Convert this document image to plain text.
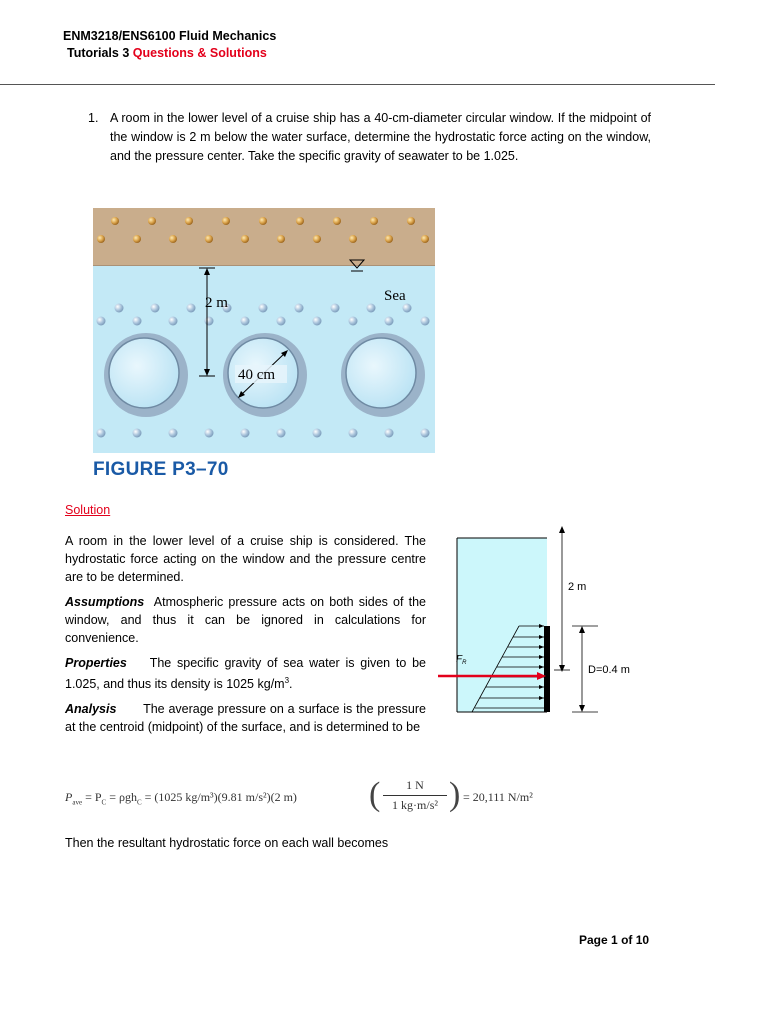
ENM3218/ENS6100 Fluid Mechanics
Tutorials 3 Questions & Solutions
1. A room in the lower level of a cruise ship has a 40-cm-diameter circular window. If the midpoint of the window is 2 m below the water surface, determine the hydrostatic force acting on the window, and the pressure center. Take the specific gravity of seawater to be 1.025.
2 m	Sea
40 cm
FIGURE P3–70
Solution

A room in the lower level of a cruise ship is considered. The hydrostatic force acting on the window and the pressure centre are to be determined.

Assumptions Atmospheric pressure acts on both sides of the window, and thus it can be ignored in calculations for convenience.

Properties The specific gravity of sea water is given to be 1.025, and thus its density is 1025 $kg/m^3$.

Analysis The average pressure on a surface is the pressure at the centroid (midpoint) of the surface, and is determined to be

$F_R$
2 m
D=0.4 m
$P_{ave} = P_C = \rho gh_C = (1025$ kg/m³)(9.81 m/s²)(2 m) ( $\frac{1 N}{\text{1 kg·m/s²}}$ ) = 20,111 N/m²
Then the resultant hydrostatic force on each wall becomes
Page 1 of 10
